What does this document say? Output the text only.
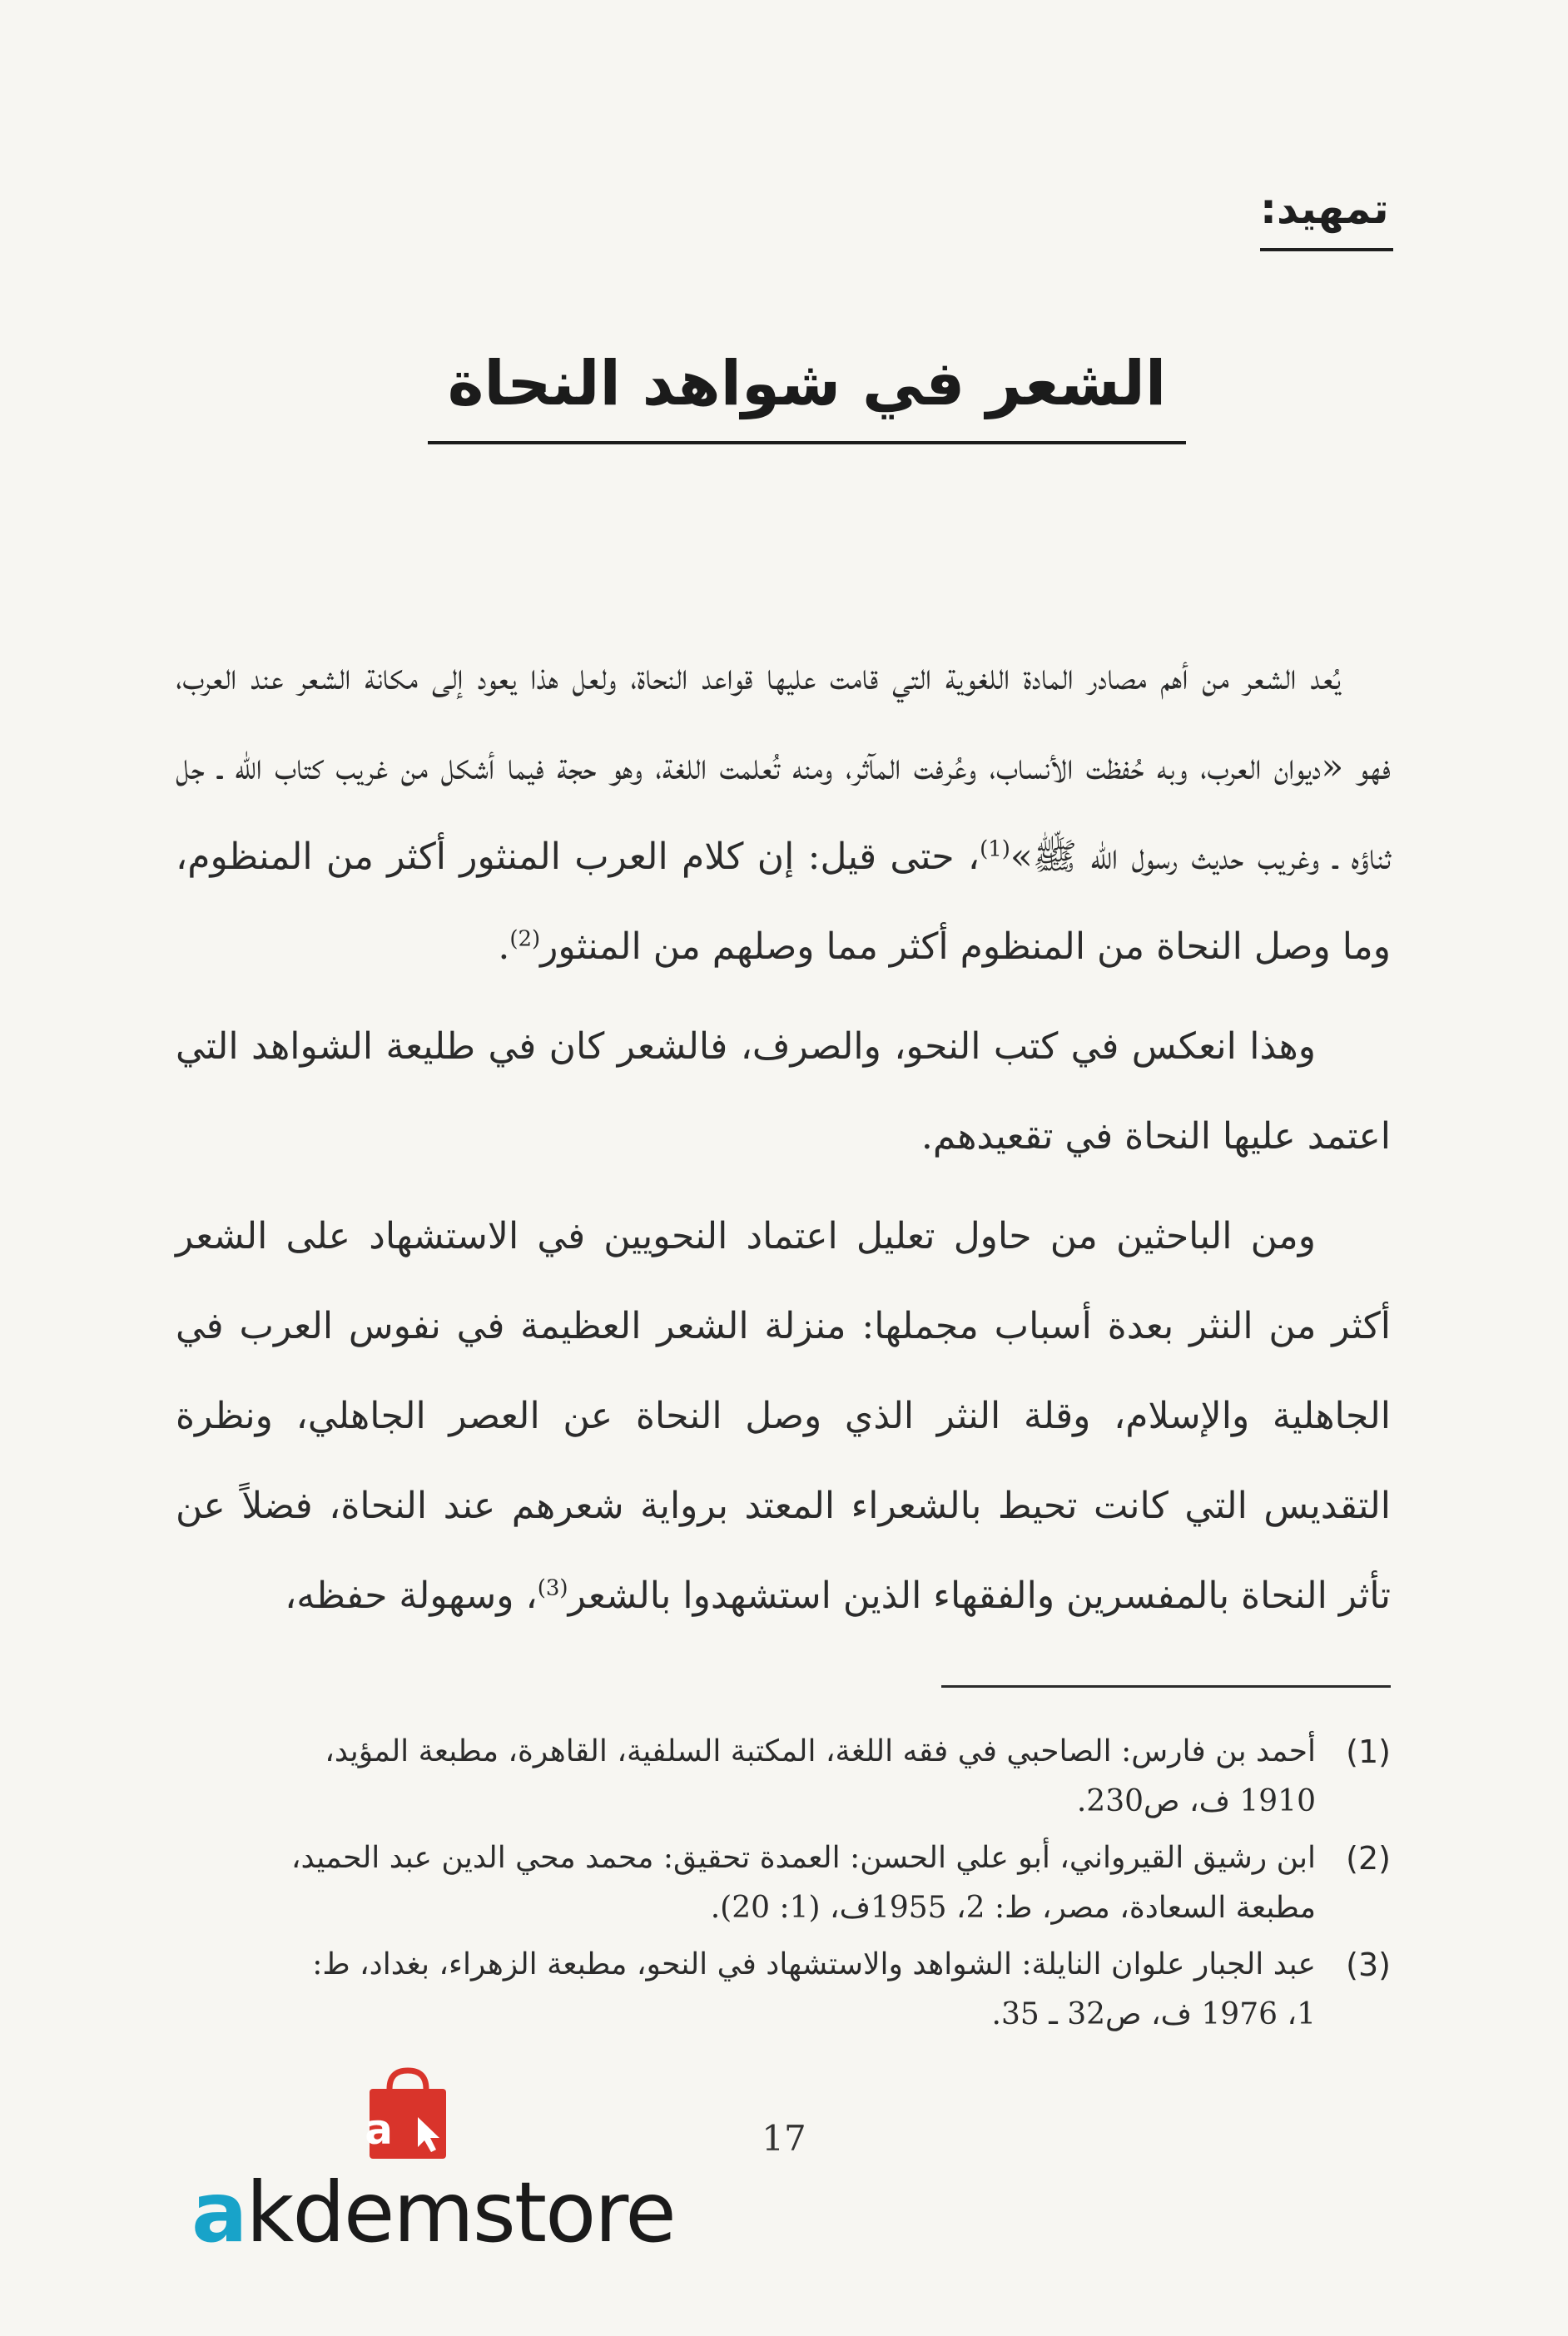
تمهيد:
الشعر في شواهد النحاة

يُعد الشعر من أهم مصادر المادة اللغوية التي قامت عليها قواعد النحاة، ولعل هذا يعود إلى مكانة الشعر عند العرب، فهو «ديوان العرب، وبه حُفظت الأنساب، وعُرفت المآثر، ومنه تُعلمت اللغة، وهو حجة فيما أشكل من غريب كتاب الله ـ جل ثناؤه ـ وغريب حديث رسول الله ﷺ»$^{(1)}$، حتى قيل: إن كلام العرب المنثور أكثر من المنظوم، وما وصل النحاة من المنظوم أكثر مما وصلهم من المنثور$^{(2)}$.

وهذا انعكس في كتب النحو، والصرف، فالشعر كان في طليعة الشواهد التي اعتمد عليها النحاة في تقعيدهم.

ومن الباحثين من حاول تعليل اعتماد النحويين في الاستشهاد على الشعر أكثر من النثر بعدة أسباب مجملها: منزلة الشعر العظيمة في نفوس العرب في الجاهلية والإسلام، وقلة النثر الذي وصل النحاة عن العصر الجاهلي، ونظرة التقديس التي كانت تحيط بالشعراء المعتد برواية شعرهم عند النحاة، فضلاً عن تأثر النحاة بالمفسرين والفقهاء الذين استشهدوا بالشعر$^{(3)}$، وسهولة حفظه،

(1)
أحمد بن فارس: الصاحبي في فقه اللغة، المكتبة السلفية، القاهرة، مطبعة المؤيد،
1910 ف، ص230.
(2)
ابن رشيق القيرواني، أبو علي الحسن: العمدة تحقيق: محمد محي الدين عبد الحميد،
مطبعة السعادة، مصر، ط: 2، 1955ف، (1: 20).
(3)
عبد الجبار علوان النايلة: الشواهد والاستشهاد في النحو، مطبعة الزهراء، بغداد، ط:
1، 1976 ف، ص32 ـ 35.
17
a
akdemstore
